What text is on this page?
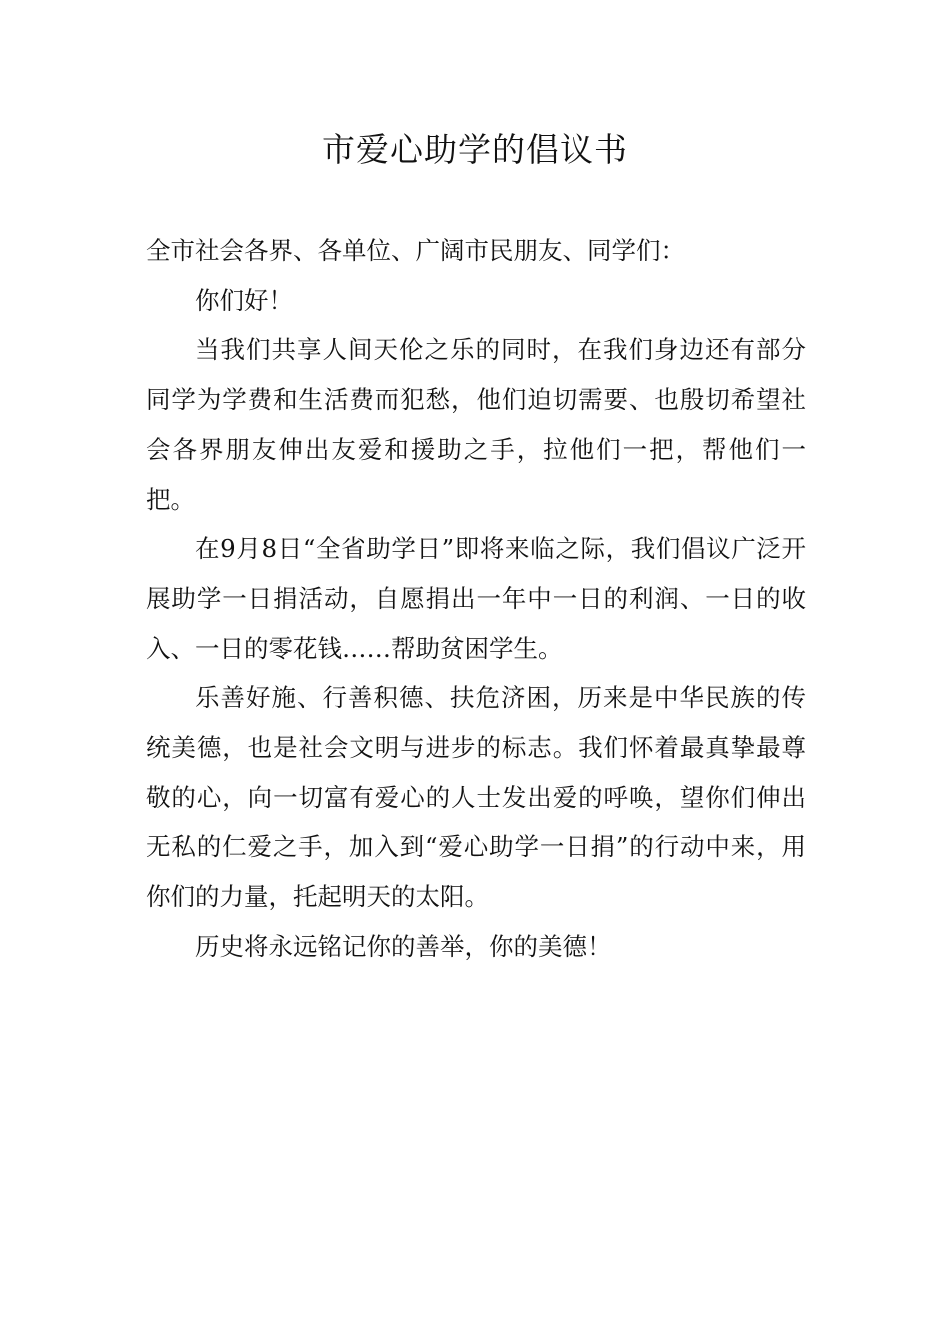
市爱心助学的倡议书

全市社会各界、各单位、广阔市民朋友、同学们：

你们好！

当我们共享人间天伦之乐的同时，在我们身边还有部分同学为学费和生活费而犯愁，他们迫切需要、也殷切希望社会各界朋友伸出友爱和援助之手，拉他们一把，帮他们一把。

在9月8日“全省助学日”即将来临之际，我们倡议广泛开展助学一日捐活动，自愿捐出一年中一日的利润、一日的收入、一日的零花钱……帮助贫困学生。

乐善好施、行善积德、扶危济困，历来是中华民族的传统美德，也是社会文明与进步的标志。我们怀着最真挚最尊敬的心，向一切富有爱心的人士发出爱的呼唤，望你们伸出无私的仁爱之手，加入到“爱心助学一日捐”的行动中来，用你们的力量，托起明天的太阳。

历史将永远铭记你的善举，你的美德！
